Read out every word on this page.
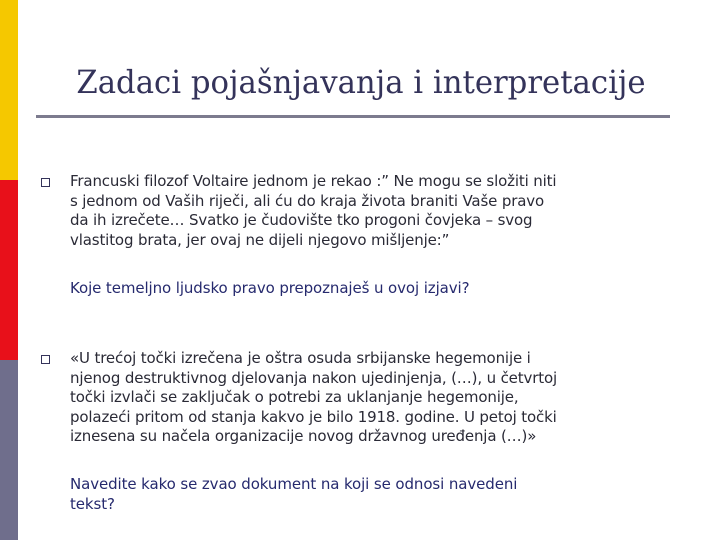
Zadaci pojašnjavanja i interpretacije
Francuski filozof Voltaire jednom je rekao :” Ne mogu se složiti niti
s jednom od Vaših riječi, ali ću do kraja života braniti Vaše pravo
da ih izrečete… Svatko je čudovište tko progoni čovjeka – svog
vlastitog brata, jer ovaj ne dijeli njegovo mišljenje:”
Koje temeljno ljudsko pravo prepoznaješ u ovoj izjavi?
«U trećoj točki izrečena je oštra osuda srbijanske hegemonije i
njenog destruktivnog djelovanja nakon ujedinjenja, (…), u četvrtoj
točki izvlači se zaključak o potrebi za uklanjanje hegemonije,
polazeći pritom od stanja kakvo je bilo 1918. godine. U petoj točki
iznesena su načela organizacije novog državnog uređenja (…)»
Navedite kako se zvao dokument na koji se odnosi navedeni
tekst?
